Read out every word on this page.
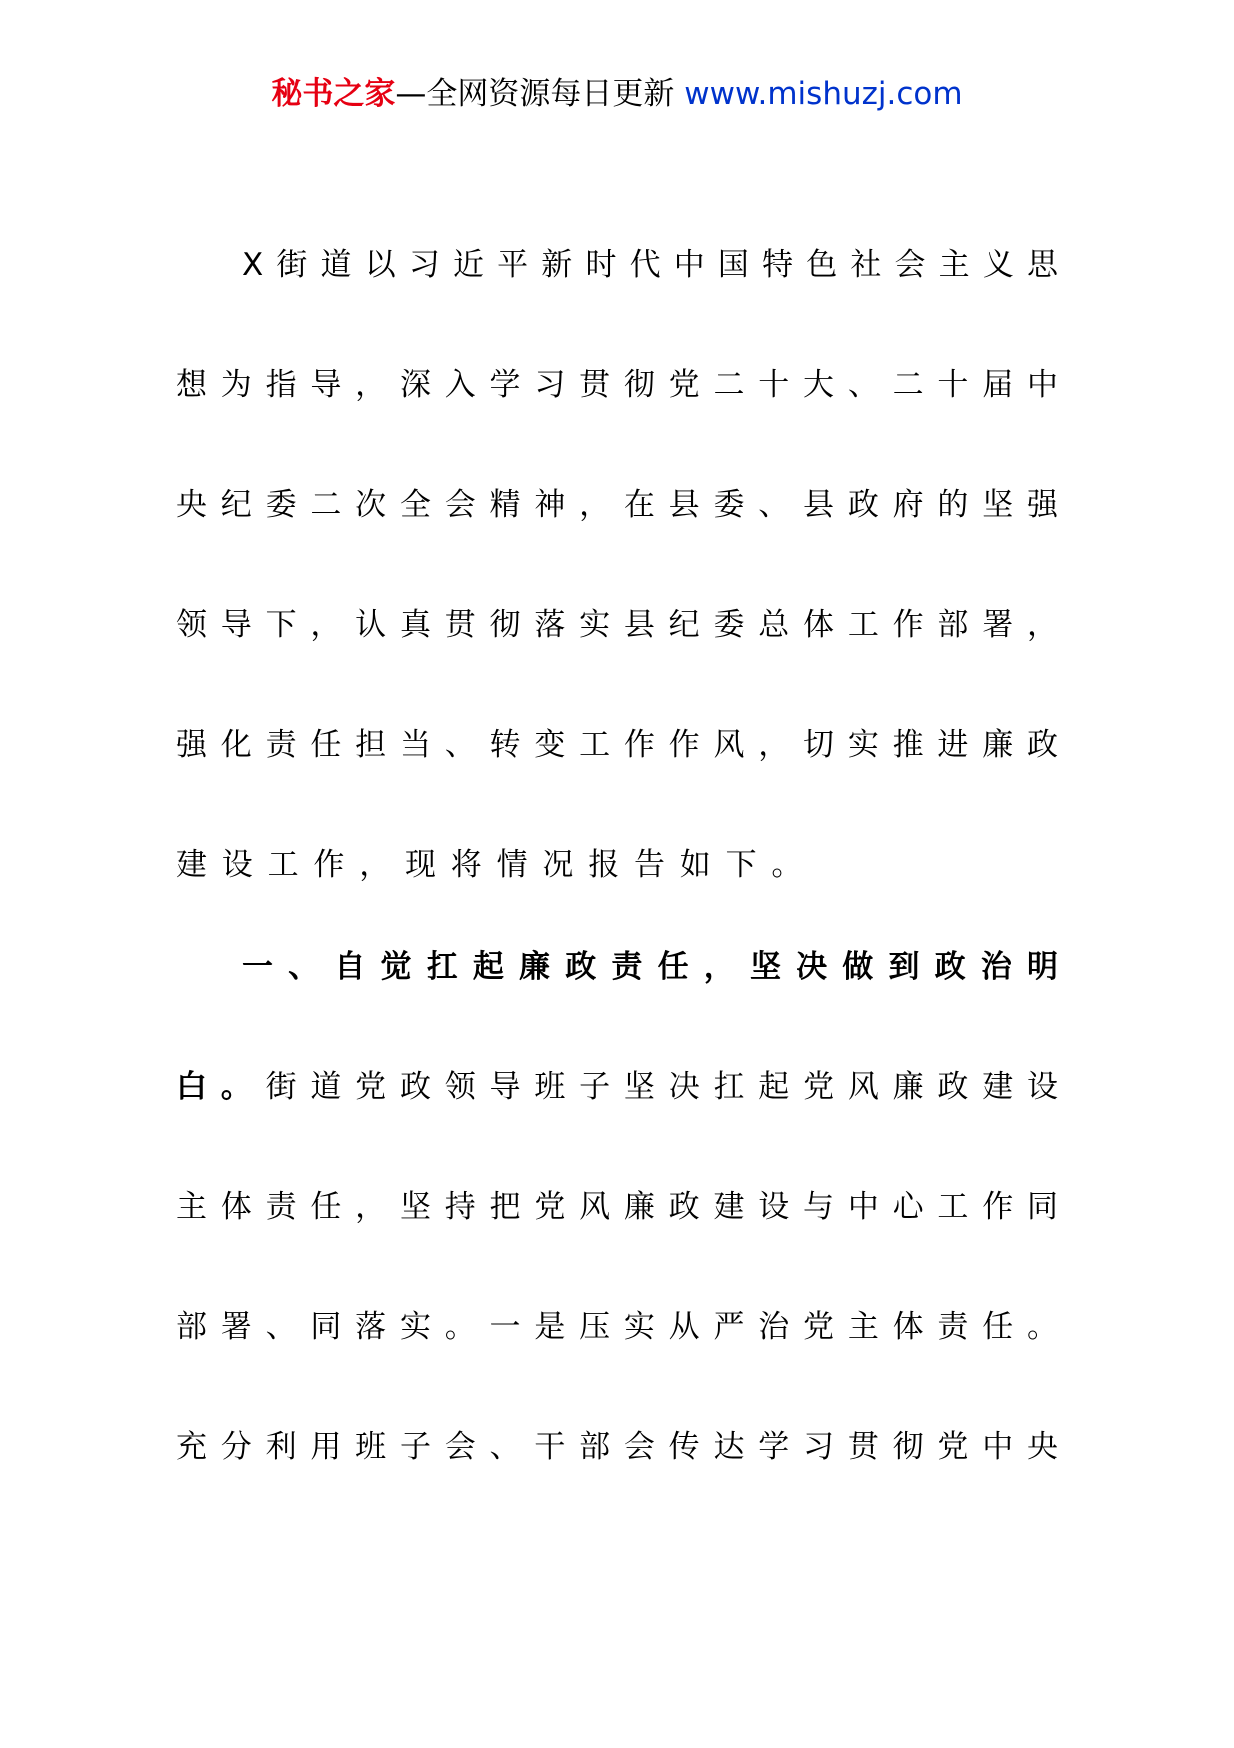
秘书之家—全网资源每日更新 www.mishuzj.com
X街道以习近平新时代中国特色社会主义思
想为指导，深入学习贯彻党二十大、二十届中
央纪委二次全会精神，在县委、县政府的坚强
领导下，认真贯彻落实县纪委总体工作部署，
强化责任担当、转变工作作风，切实推进廉政
建设工作，现将情况报告如下。
一、自觉扛起廉政责任，坚决做到政治明
白。街道党政领导班子坚决扛起党风廉政建设
主体责任，坚持把党风廉政建设与中心工作同
部署、同落实。一是压实从严治党主体责任。
充分利用班子会、干部会传达学习贯彻党中央
